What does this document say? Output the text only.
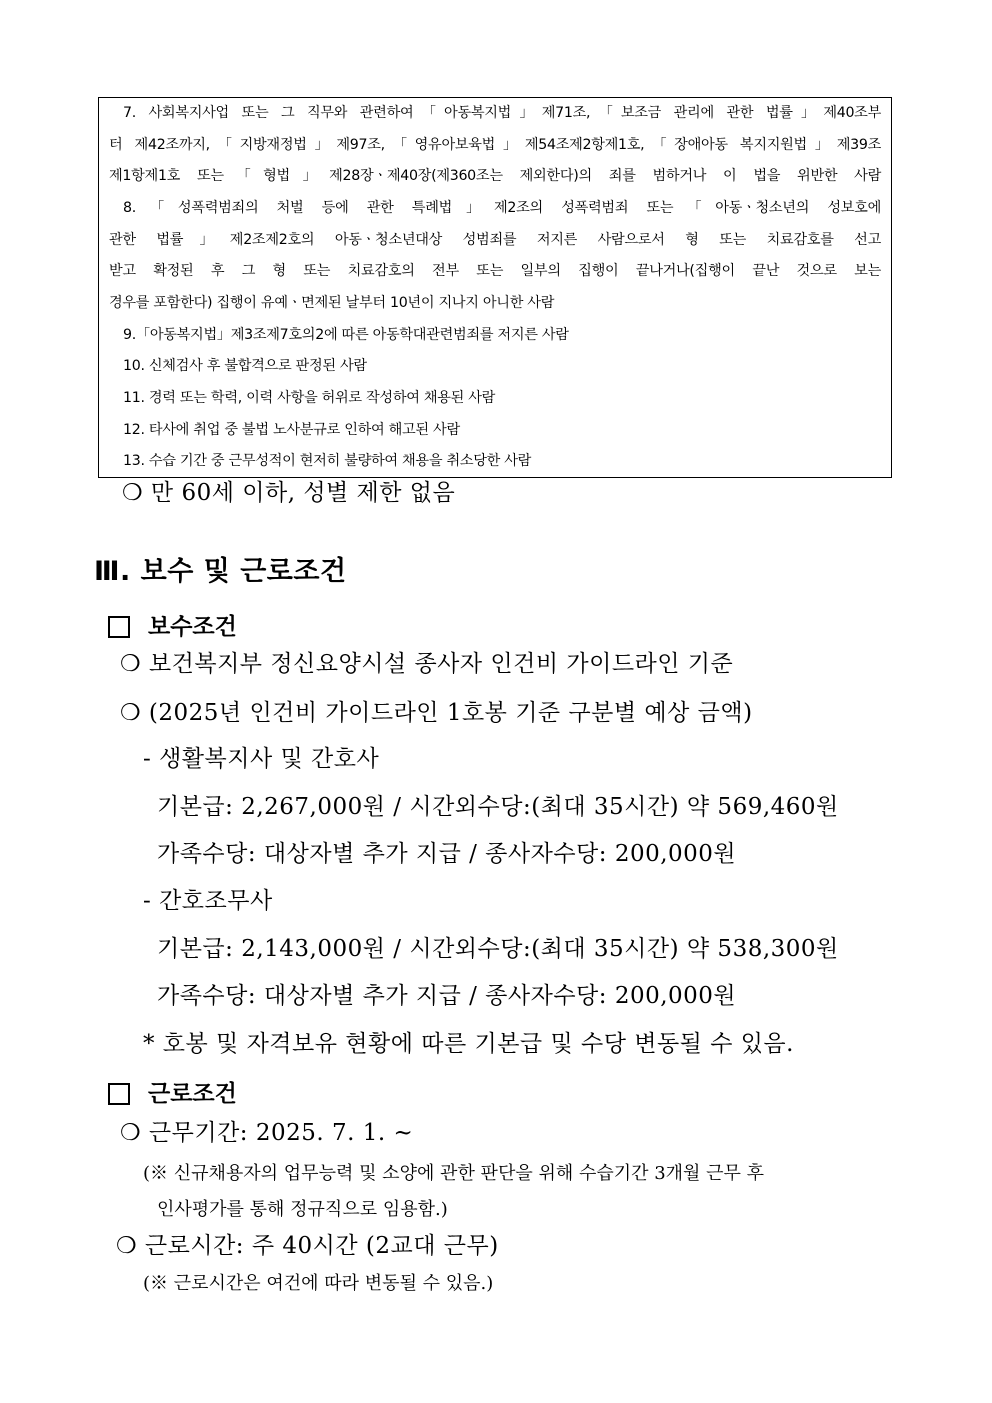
7. 사회복지사업 또는 그 직무와 관련하여「아동복지법」제71조,「보조금 관리에 관한 법률」제40조부
터 제42조까지,「지방재정법」제97조,「영유아보육법」제54조제2항제1호,「장애아동 복지지원법」제39조
제1항제1호 또는「형법」제28장ㆍ제40장(제360조는 제외한다)의 죄를 범하거나 이 법을 위반한 사람
8.「성폭력범죄의 처벌 등에 관한 특례법」제2조의 성폭력범죄 또는「아동ㆍ청소년의 성보호에
관한 법률」제2조제2호의 아동ㆍ청소년대상 성범죄를 저지른 사람으로서 형 또는 치료감호를 선고
받고 확정된 후 그 형 또는 치료감호의 전부 또는 일부의 집행이 끝나거나(집행이 끝난 것으로 보는
경우를 포함한다) 집행이 유예ㆍ면제된 날부터 10년이 지나지 아니한 사람
9.「아동복지법」제3조제7호의2에 따른 아동학대관련범죄를 저지른 사람
10. 신체검사 후 불합격으로 판정된 사람
11. 경력 또는 학력, 이력 사항을 허위로 작성하여 채용된 사람
12. 타사에 취업 중 불법 노사분규로 인하여 해고된 사람
13. 수습 기간 중 근무성적이 현저히 불량하여 채용을 취소당한 사람
❍ 만 60세 이하, 성별 제한 없음
Ⅲ. 보수 및 근로조건
보수조건
❍ 보건복지부 정신요양시설 종사자 인건비 가이드라인 기준
❍ (2025년 인건비 가이드라인 1호봉 기준 구분별 예상 금액)
- 생활복지사 및 간호사
기본급: 2,267,000원 / 시간외수당:(최대 35시간) 약 569,460원
가족수당: 대상자별 추가 지급 / 종사자수당: 200,000원
- 간호조무사
기본급: 2,143,000원 / 시간외수당:(최대 35시간) 약 538,300원
가족수당: 대상자별 추가 지급 / 종사자수당: 200,000원
* 호봉 및 자격보유 현황에 따른 기본급 및 수당 변동될 수 있음.
근로조건
❍ 근무기간: 2025. 7. 1. ~
(※ 신규채용자의 업무능력 및 소양에 관한 판단을 위해 수습기간 3개월 근무 후
인사평가를 통해 정규직으로 임용함.)
❍ 근로시간: 주 40시간 (2교대 근무)
(※ 근로시간은 여건에 따라 변동될 수 있음.)
